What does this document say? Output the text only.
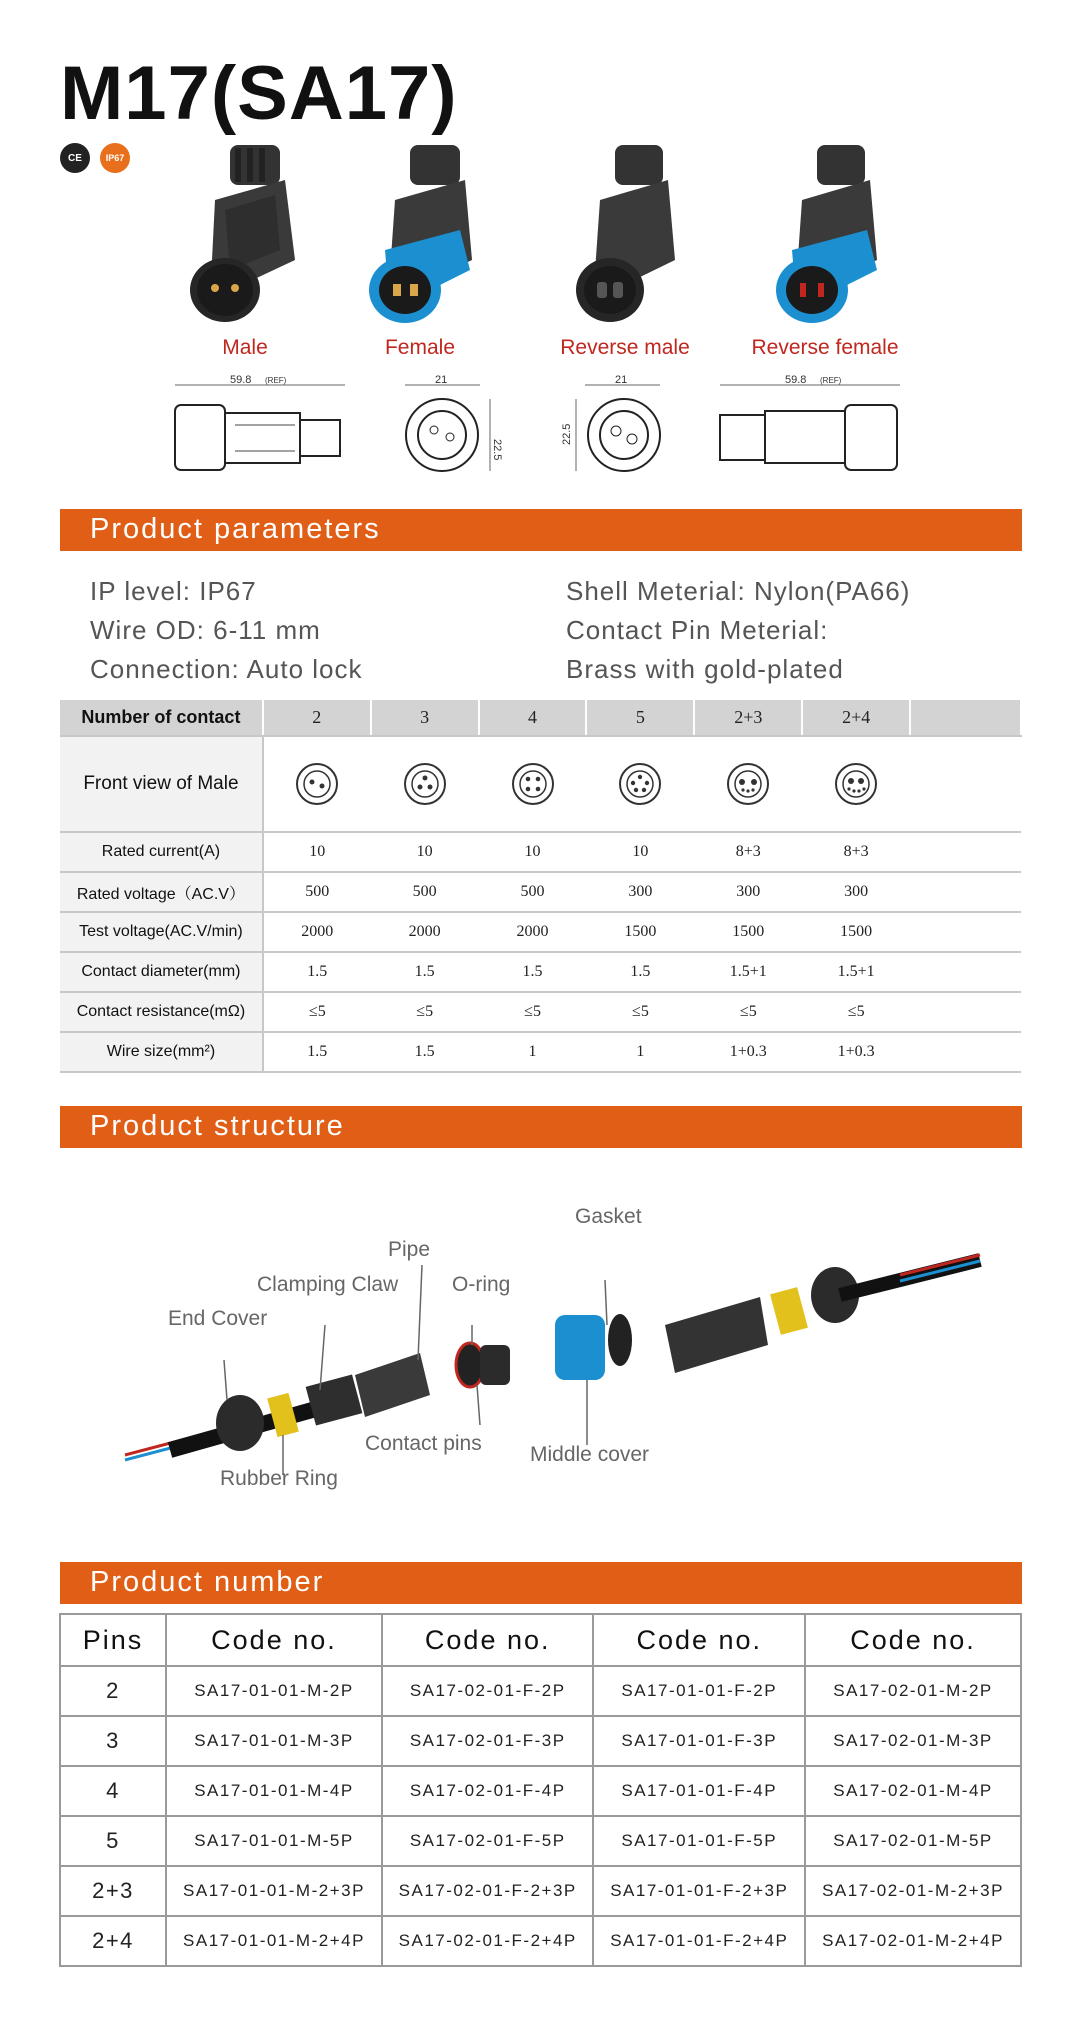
M17(SA17)
CE	IP67
Male	Female	Reverse male	Reverse female
59.8 (REF)	21
22.5
21
22.5
59.8 (REF)
Product parameters
IP level: IP67
Wire OD: 6-11 mm
Connection: Auto lock
Shell Meterial: Nylon(PA66)
Contact Pin Meterial:
Brass with gold-plated
Number of contact	2	3	4	5	2+3	2+4	
Front view of Male							
Rated current(A)	10	10	10	10	8+3	8+3	
Rated voltage（AC.V）	500	500	500	300	300	300	
Test voltage(AC.V/min)	2000	2000	2000	1500	1500	1500	
Contact diameter(mm)	1.5	1.5	1.5	1.5	1.5+1	1.5+1	
Contact resistance(mΩ)	≤5	≤5	≤5	≤5	≤5	≤5	
Wire size(mm²)	1.5	1.5	1	1	1+0.3	1+0.3	
Product structure
Gasket
Pipe
Clamping Claw	O-ring
End Cover
Contact pins Middle cover
Rubber Ring
Product number
Pins	Code no.	Code no.	Code no.	Code no.
2	SA17-01-01-M-2P	SA17-02-01-F-2P	SA17-01-01-F-2P	SA17-02-01-M-2P
3	SA17-01-01-M-3P	SA17-02-01-F-3P	SA17-01-01-F-3P	SA17-02-01-M-3P
4	SA17-01-01-M-4P	SA17-02-01-F-4P	SA17-01-01-F-4P	SA17-02-01-M-4P
5	SA17-01-01-M-5P	SA17-02-01-F-5P	SA17-01-01-F-5P	SA17-02-01-M-5P
2+3	SA17-01-01-M-2+3P	SA17-02-01-F-2+3P	SA17-01-01-F-2+3P	SA17-02-01-M-2+3P
2+4	SA17-01-01-M-2+4P	SA17-02-01-F-2+4P	SA17-01-01-F-2+4P	SA17-02-01-M-2+4P
